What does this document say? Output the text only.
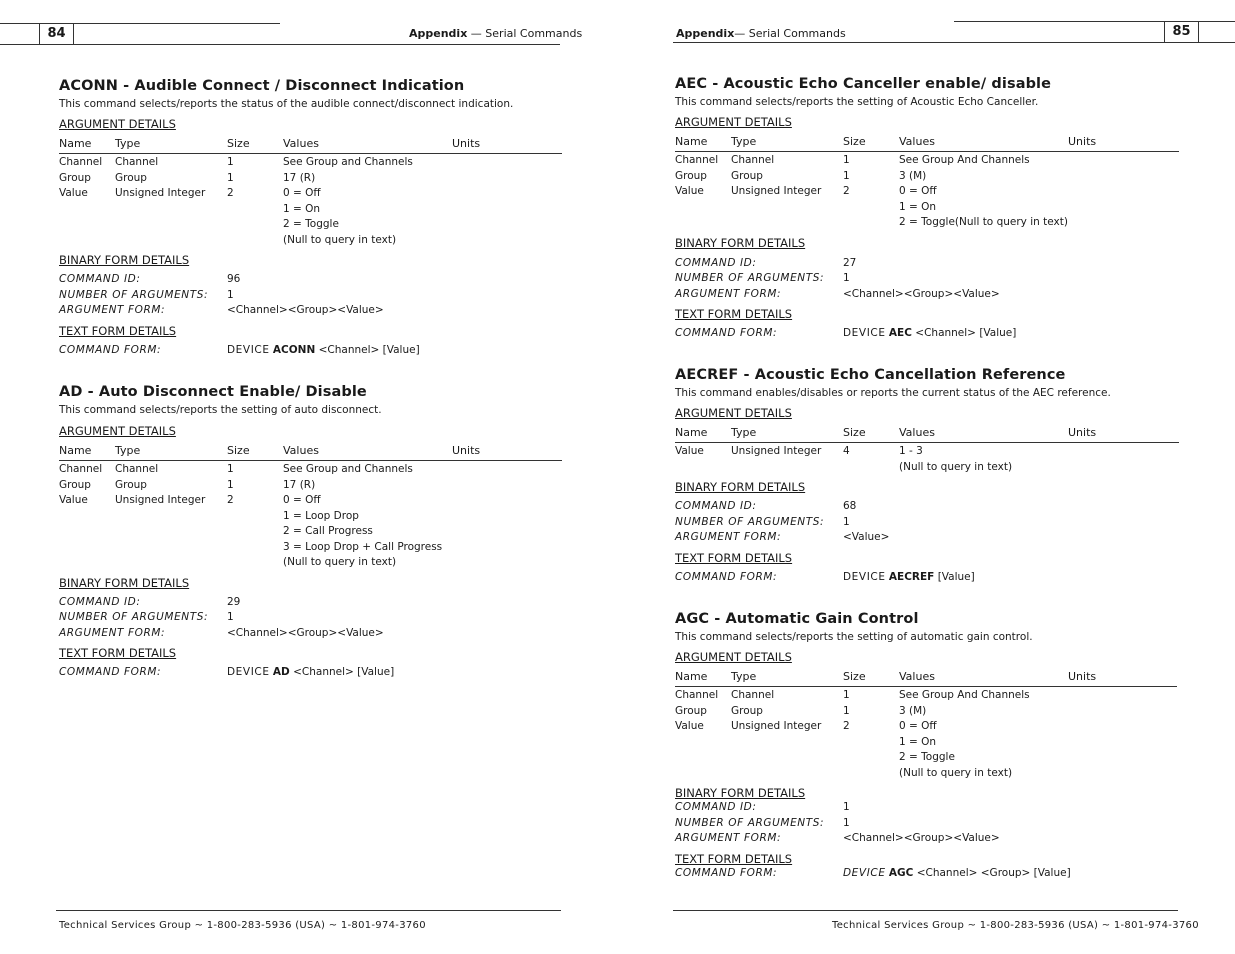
84	Appendix — Serial Commands
ACONN - Audible Connect / Disconnect Indication

This command selects/reports the status of the audible connect/disconnect indication.

ARGUMENT DETAILS

Name Type	Size	Values	Units
Channel Channel	1	See Group and Channels
Group Group	1	17 (R)
Value	Unsigned Integer 2	0 = Off
1 = On
2 = Toggle
(Null to query in text)

BINARY FORM DETAILS

COMMAND ID:	96
NUMBER OF ARGUMENTS: 1
ARGUMENT FORM:	<Channel><Group><Value>

TEXT FORM DETAILS

COMMAND FORM:	DEVICE ACONN <Channel> [Value]
AD - Auto Disconnect Enable/ Disable

This command selects/reports the setting of auto disconnect.

ARGUMENT DETAILS

Name Type	Size	Values	Units
Channel Channel	1	See Group and Channels
Group Group	1	17 (R)
Value	Unsigned Integer 2	0 = Off
1 = Loop Drop
2 = Call Progress
3 = Loop Drop + Call Progress
(Null to query in text)

BINARY FORM DETAILS

COMMAND ID:	29
NUMBER OF ARGUMENTS: 1
ARGUMENT FORM:	<Channel><Group><Value>

TEXT FORM DETAILS

COMMAND FORM:	DEVICE AD <Channel> [Value]
Technical Services Group ~ 1-800-283-5936 (USA) ~ 1-801-974-3760
85
Appendix— Serial Commands
AEC - Acoustic Echo Canceller enable/ disable

This command selects/reports the setting of Acoustic Echo Canceller.

ARGUMENT DETAILS

Name Type	Size	Values	Units
Channel Channel	1	See Group And Channels
Group Group	1	3 (M)
Value	Unsigned Integer 2	0 = Off
1 = On
2 = Toggle(Null to query in text)

BINARY FORM DETAILS

COMMAND ID:	27
NUMBER OF ARGUMENTS: 1
ARGUMENT FORM:	<Channel><Group><Value>

TEXT FORM DETAILS

COMMAND FORM:	DEVICE AEC <Channel> [Value]
AECREF - Acoustic Echo Cancellation Reference

This command enables/disables or reports the current status of the AEC reference.

ARGUMENT DETAILS

Name Type	Size	Values	Units
Value	Unsigned Integer 4	1 - 3
(Null to query in text)

BINARY FORM DETAILS

COMMAND ID:	68
NUMBER OF ARGUMENTS: 1
ARGUMENT FORM:	<Value>

TEXT FORM DETAILS

COMMAND FORM:	DEVICE AECREF [Value]
AGC - Automatic Gain Control

This command selects/reports the setting of automatic gain control.

ARGUMENT DETAILS

Name Type	Size	Values	Units
Channel Channel	1	See Group And Channels
Group Group	1	3 (M)
Value	Unsigned Integer 2	0 = Off
1 = On
2 = Toggle
(Null to query in text)

BINARY FORM DETAILS

COMMAND ID:	1
NUMBER OF ARGUMENTS: 1
ARGUMENT FORM:	<Channel><Group><Value>

TEXT FORM DETAILS

COMMAND FORM:	DEVICE AGC <Channel> <Group> [Value]
Technical Services Group ~ 1-800-283-5936 (USA) ~ 1-801-974-3760
